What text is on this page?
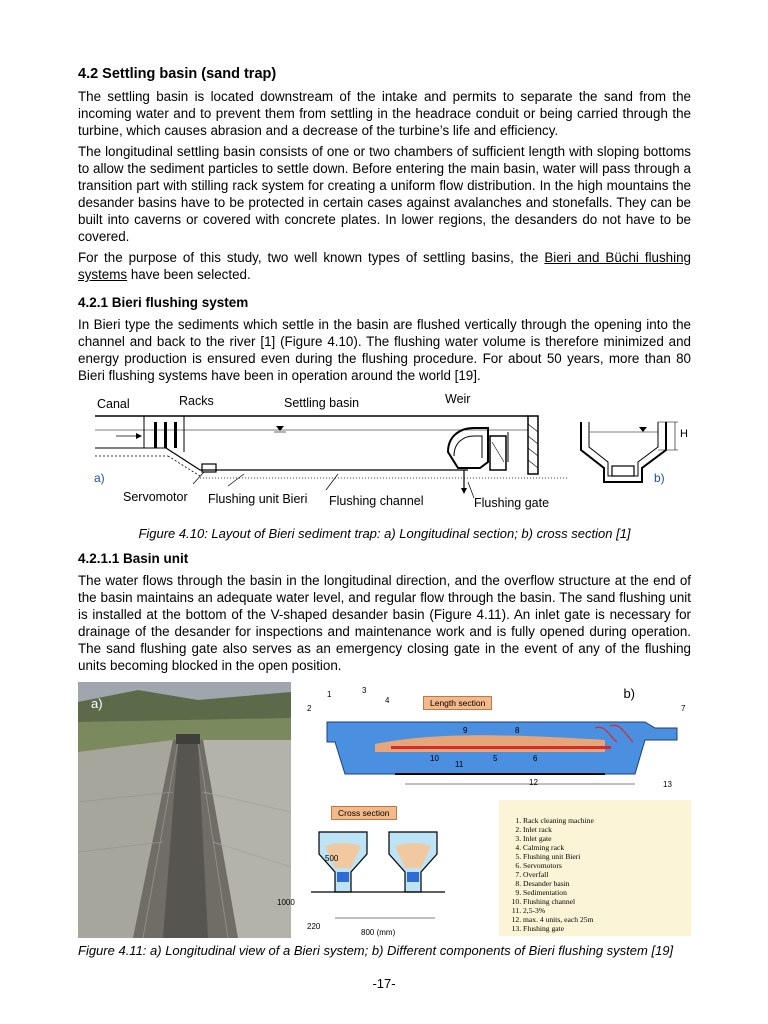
4.2 Settling basin (sand trap)

The settling basin is located downstream of the intake and permits to separate the sand from the incoming water and to prevent them from settling in the headrace conduit or being carried through the turbine, which causes abrasion and a decrease of the turbine’s life and efficiency.

The longitudinal settling basin consists of one or two chambers of sufficient length with sloping bottoms to allow the sediment particles to settle down. Before entering the main basin, water will pass through a transition part with stilling rack system for creating a uniform flow distribution. In the high mountains the desander basins have to be protected in certain cases against avalanches and stonefalls. They can be built into caverns or covered with concrete plates. In lower regions, the desanders do not have to be covered.

For the purpose of this study, two well known types of settling basins, the Bieri and Büchi flushing systems have been selected.

4.2.1 Bieri flushing system

In Bieri type the sediments which settle in the basin are flushed vertically through the opening into the channel and back to the river [1] (Figure 4.10). The flushing water volume is therefore minimized and energy production is ensured even during the flushing procedure. For about 50 years, more than 80 Bieri flushing systems have been in operation around the world [19].

Canal	Racks	Settling basin	Weir
a)	b)
H
Servomotor Flushing unit Bieri Flushing channel	Flushing gate
Figure 4.10: Layout of Bieri sediment trap: a) Longitudinal section; b) cross section [1]
4.2.1.1 Basin unit

The water flows through the basin in the longitudinal direction, and the overflow structure at the end of the basin maintains an adequate water level, and regular flow through the basin. The sand flushing unit is installed at the bottom of the V-shaped desander basin (Figure 4.11). An inlet gate is necessary for drainage of the desander for inspections and maintenance work and is fully opened during operation. The sand flushing gate also serves as an emergency closing gate in the event of any of the flushing units becoming blocked in the open position.

a)
b)
Length section
Cross section
1
2
3
4
5	6
7
8
9
10
11
12	13
500
1000
220
800 (mm)
1. Rack cleaning machine
2. Inlet rack
3. Inlet gate
4. Calming rack
5. Flushing unit Bieri
6. Servomotors
7. Overfall
8. Desander basin
9. Sedimentation
10. Flushing channel
11. 2,5-3%
12. max. 4 units, each 25m
13. Flushing gate
Figure 4.11: a) Longitudinal view of a Bieri system; b) Different components of Bieri flushing system [19]
-17-
